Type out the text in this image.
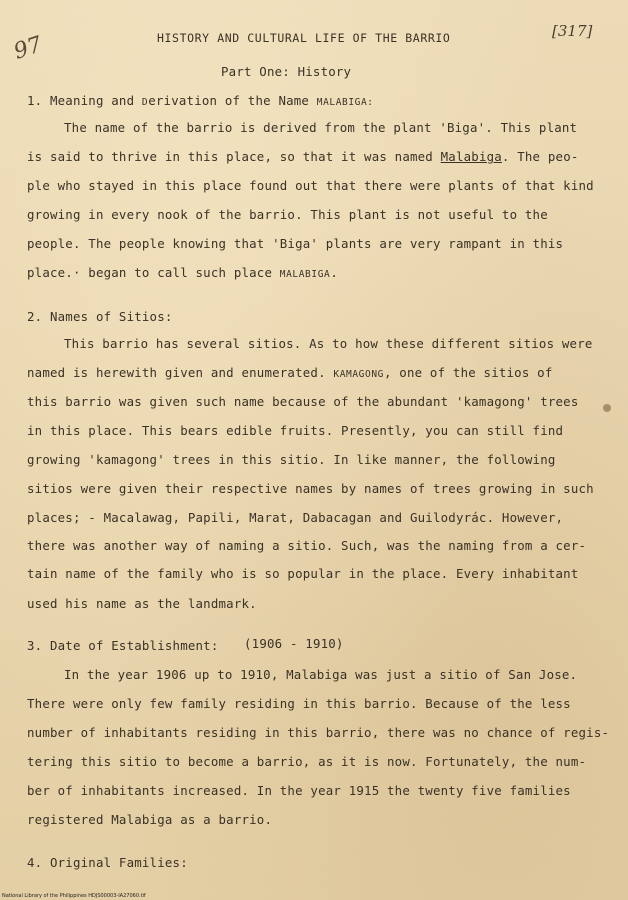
97
[317]
HISTORY AND CULTURAL LIFE OF THE BARRIO
Part One: History
1. Meaning and Derivation of the Name MALABIGA:
The name of the barrio is derived from the plant 'Biga'. This plant
is said to thrive in this place, so that it was named Malabiga. The peo-
ple who stayed in this place found out that there were plants of that kind
growing in every nook of the barrio. This plant is not useful to the
people. The people knowing that 'Biga' plants are very rampant in this
place.· began to call such place MALABIGA.
2. Names of Sitios:
This barrio has several sitios. As to how these different sitios were
named is herewith given and enumerated. KAMAGONG, one of the sitios of
this barrio was given such name because of the abundant 'kamagong' trees
in this place. This bears edible fruits. Presently, you can still find
growing 'kamagong' trees in this sitio. In like manner, the following
sitios were given their respective names by names of trees growing in such
places; - Macalawag, Papili, Marat, Dabacagan and Guilodyrác. However,
there was another way of naming a sitio. Such, was the naming from a cer-
tain name of the family who is so popular in the place. Every inhabitant
used his name as the landmark.
3. Date of Establishment: (1906 - 1910)
In the year 1906 up to 1910, Malabiga was just a sitio of San Jose.
There were only few family residing in this barrio. Because of the less
number of inhabitants residing in this barrio, there was no chance of regis-
tering this sitio to become a barrio, as it is now. Fortunately, the num-
ber of inhabitants increased. In the year 1915 the twenty five families
registered Malabiga as a barrio.
4. Original Families:
National Library of the Philippines HDJS00003-IA27060.tif
